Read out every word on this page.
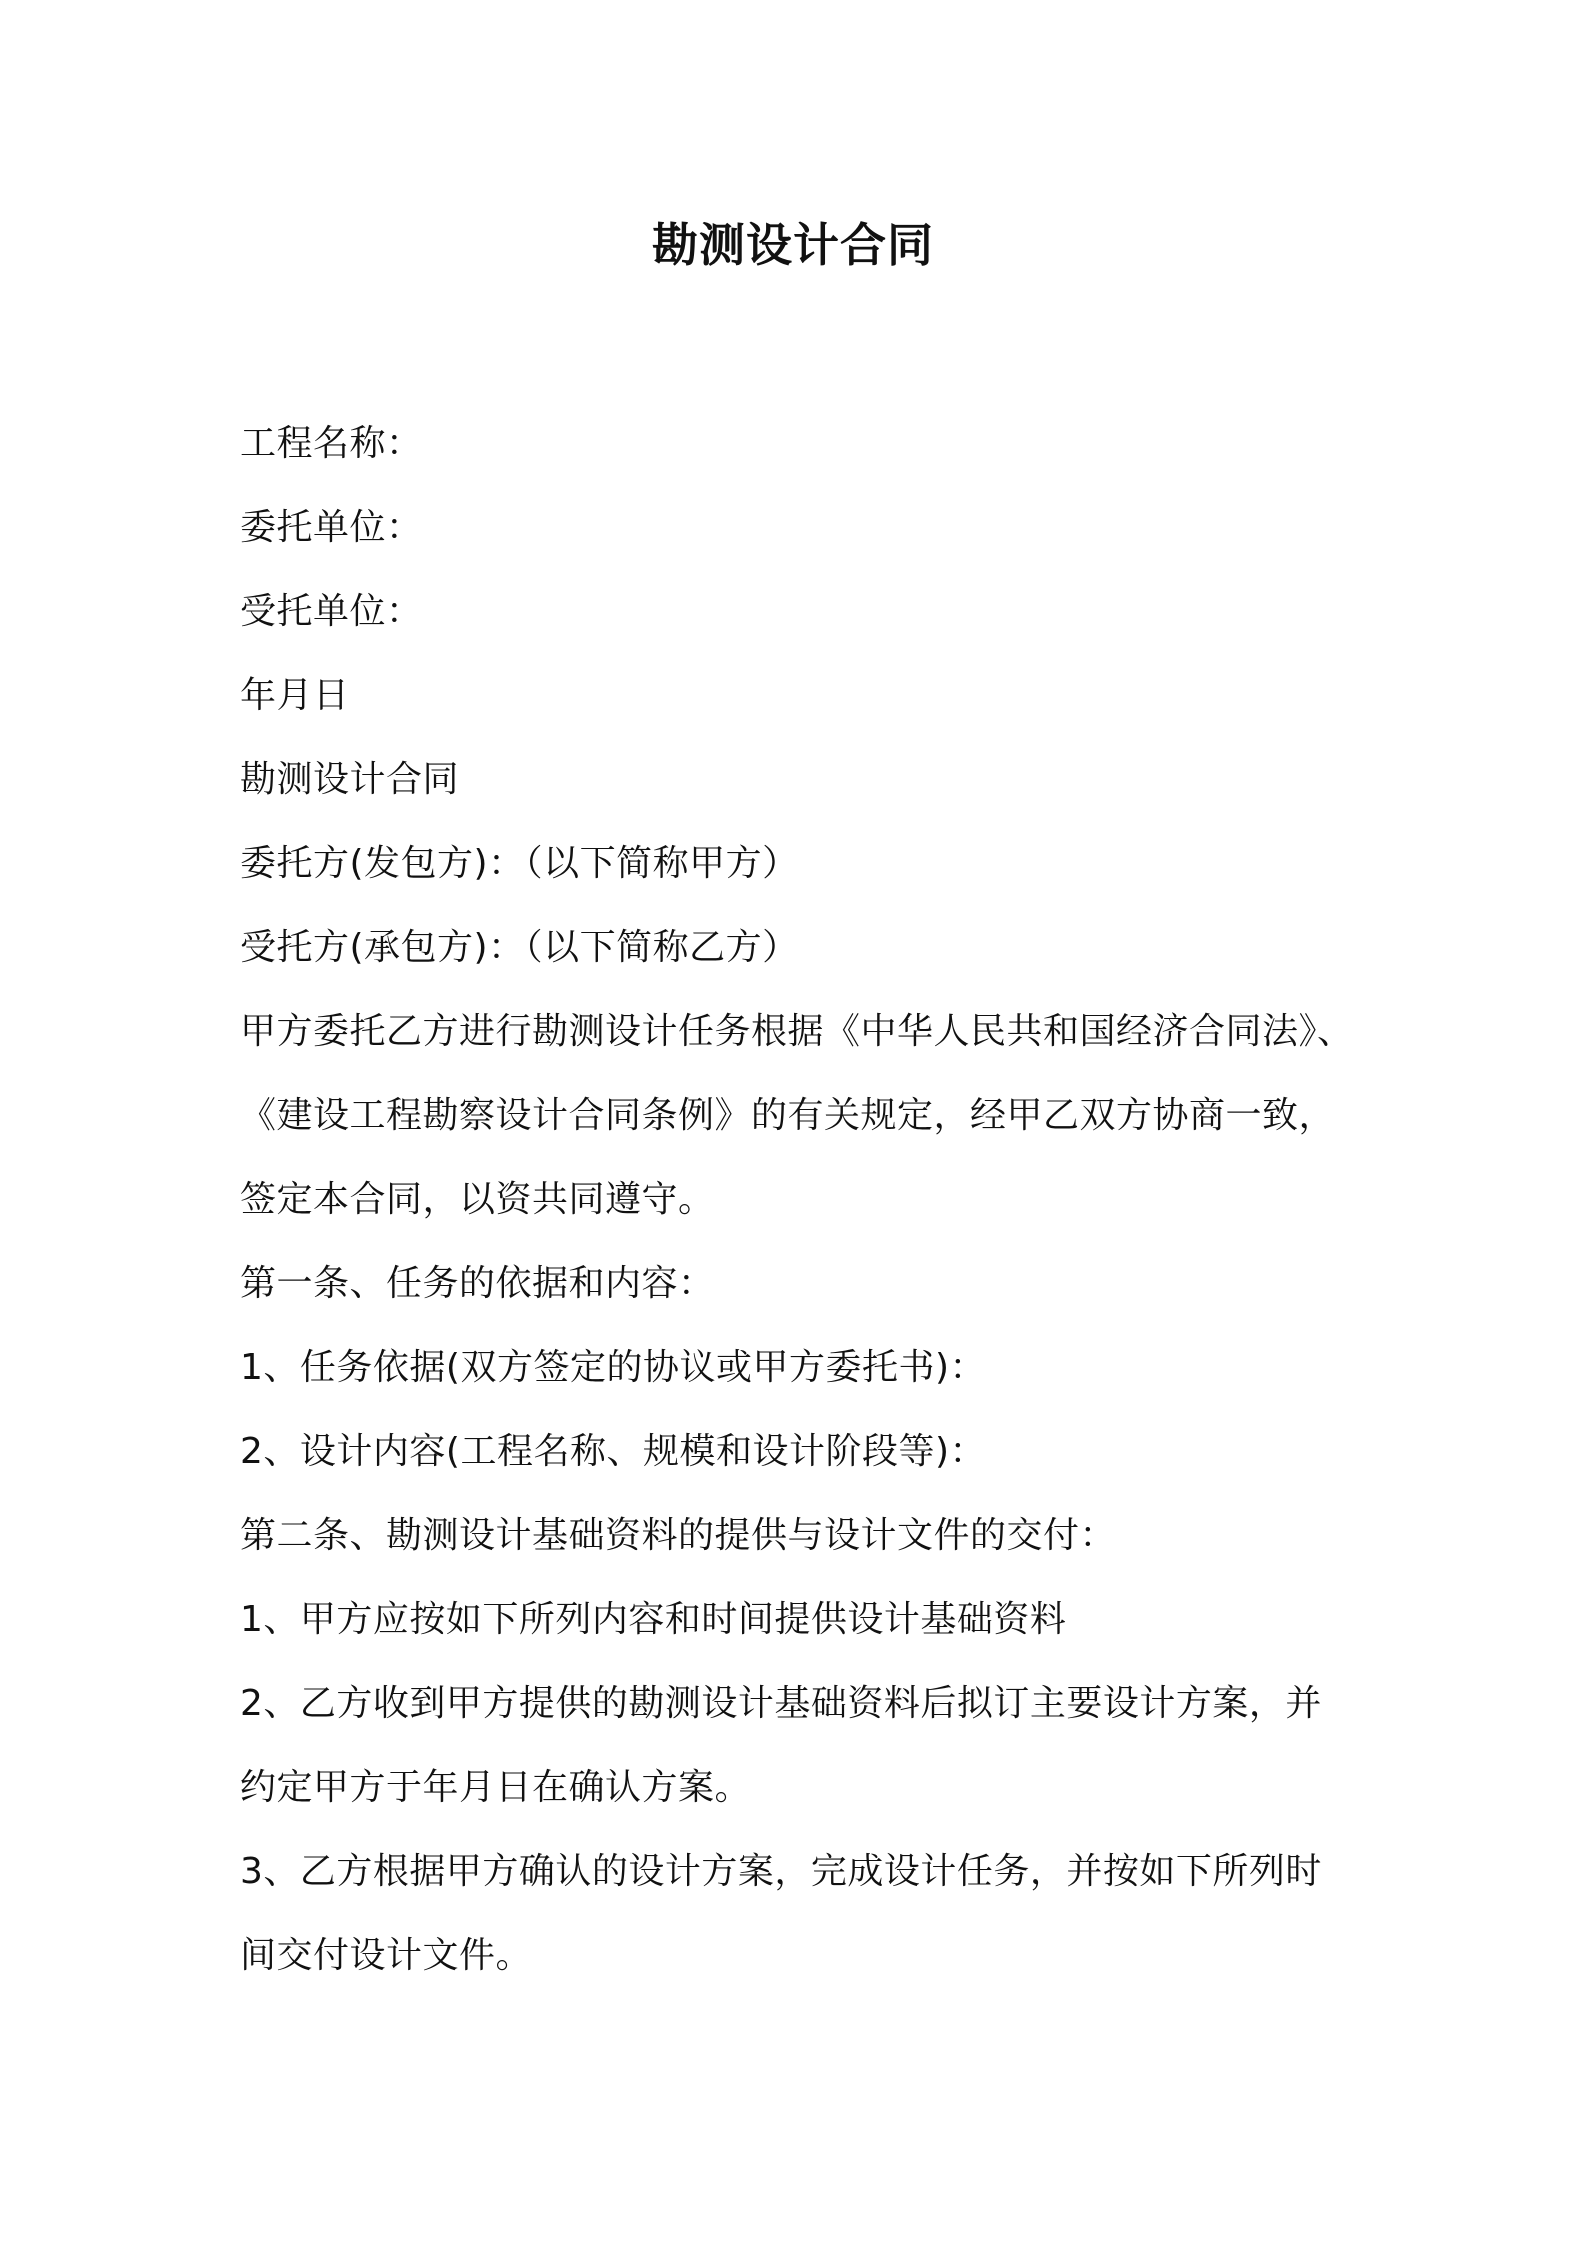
勘测设计合同
工程名称：
委托单位：
受托单位：
年月日
勘测设计合同
委托方(发包方)：（以下简称甲方）
受托方(承包方)：（以下简称乙方）
甲方委托乙方进行勘测设计任务根据《中华人民共和国经济合同法》、
《建设工程勘察设计合同条例》的有关规定，经甲乙双方协商一致，
签定本合同，以资共同遵守。
第一条、任务的依据和内容：
1、任务依据(双方签定的协议或甲方委托书)：
2、设计内容(工程名称、规模和设计阶段等)：
第二条、勘测设计基础资料的提供与设计文件的交付：
1、甲方应按如下所列内容和时间提供设计基础资料
2、乙方收到甲方提供的勘测设计基础资料后拟订主要设计方案，并
约定甲方于年月日在确认方案。
3、乙方根据甲方确认的设计方案，完成设计任务，并按如下所列时
间交付设计文件。
